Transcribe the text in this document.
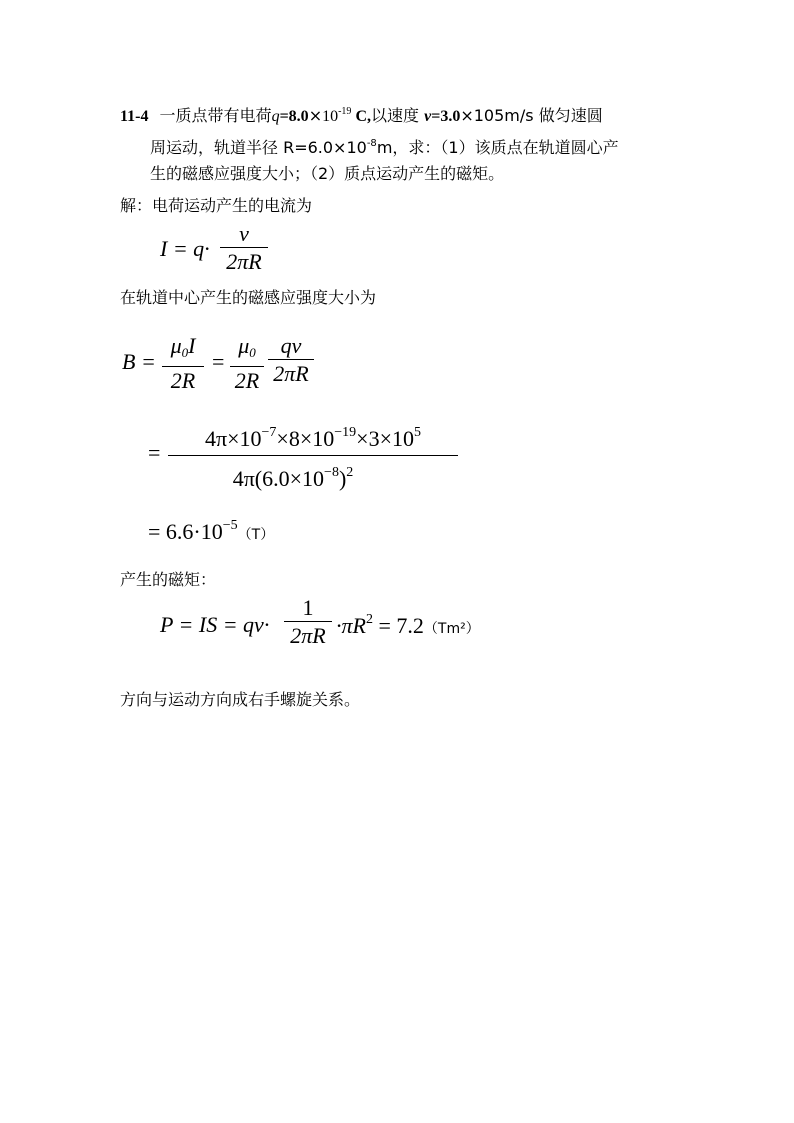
11-4 一质点带有电荷$q=8.0\times 10^{-19}$ C,以速度 v=3.0×105m/s 做匀速圆
周运动，轨道半径 $R=6.0\times 10^{-8}m$，求：（1）该质点在轨道圆心产
生的磁感应强度大小；（2）质点运动产生的磁矩。
解：电荷运动产生的电流为
$I = q\cdot \frac{v}{2\pi R}$
在轨道中心产生的磁感应强度大小为
$B = \frac{\mu 0I}{2R} = \frac{\mu 0}{2R} \frac{qv}{2\pi R}$
= $\frac{4\pi\times 10^{-7}\times 8\times 10^{-19}\times 3\times 10^5}{4\pi(6.0\times 10^{-8})^2}$
= $6.6\cdot 10^{-5}(T)$
产生的磁矩：
P = IS = $qv\cdot \frac{1}{2\pi R} \cdot\pi R^2 = 7.2(Tm^2)$
方向与运动方向成右手螺旋关系。
